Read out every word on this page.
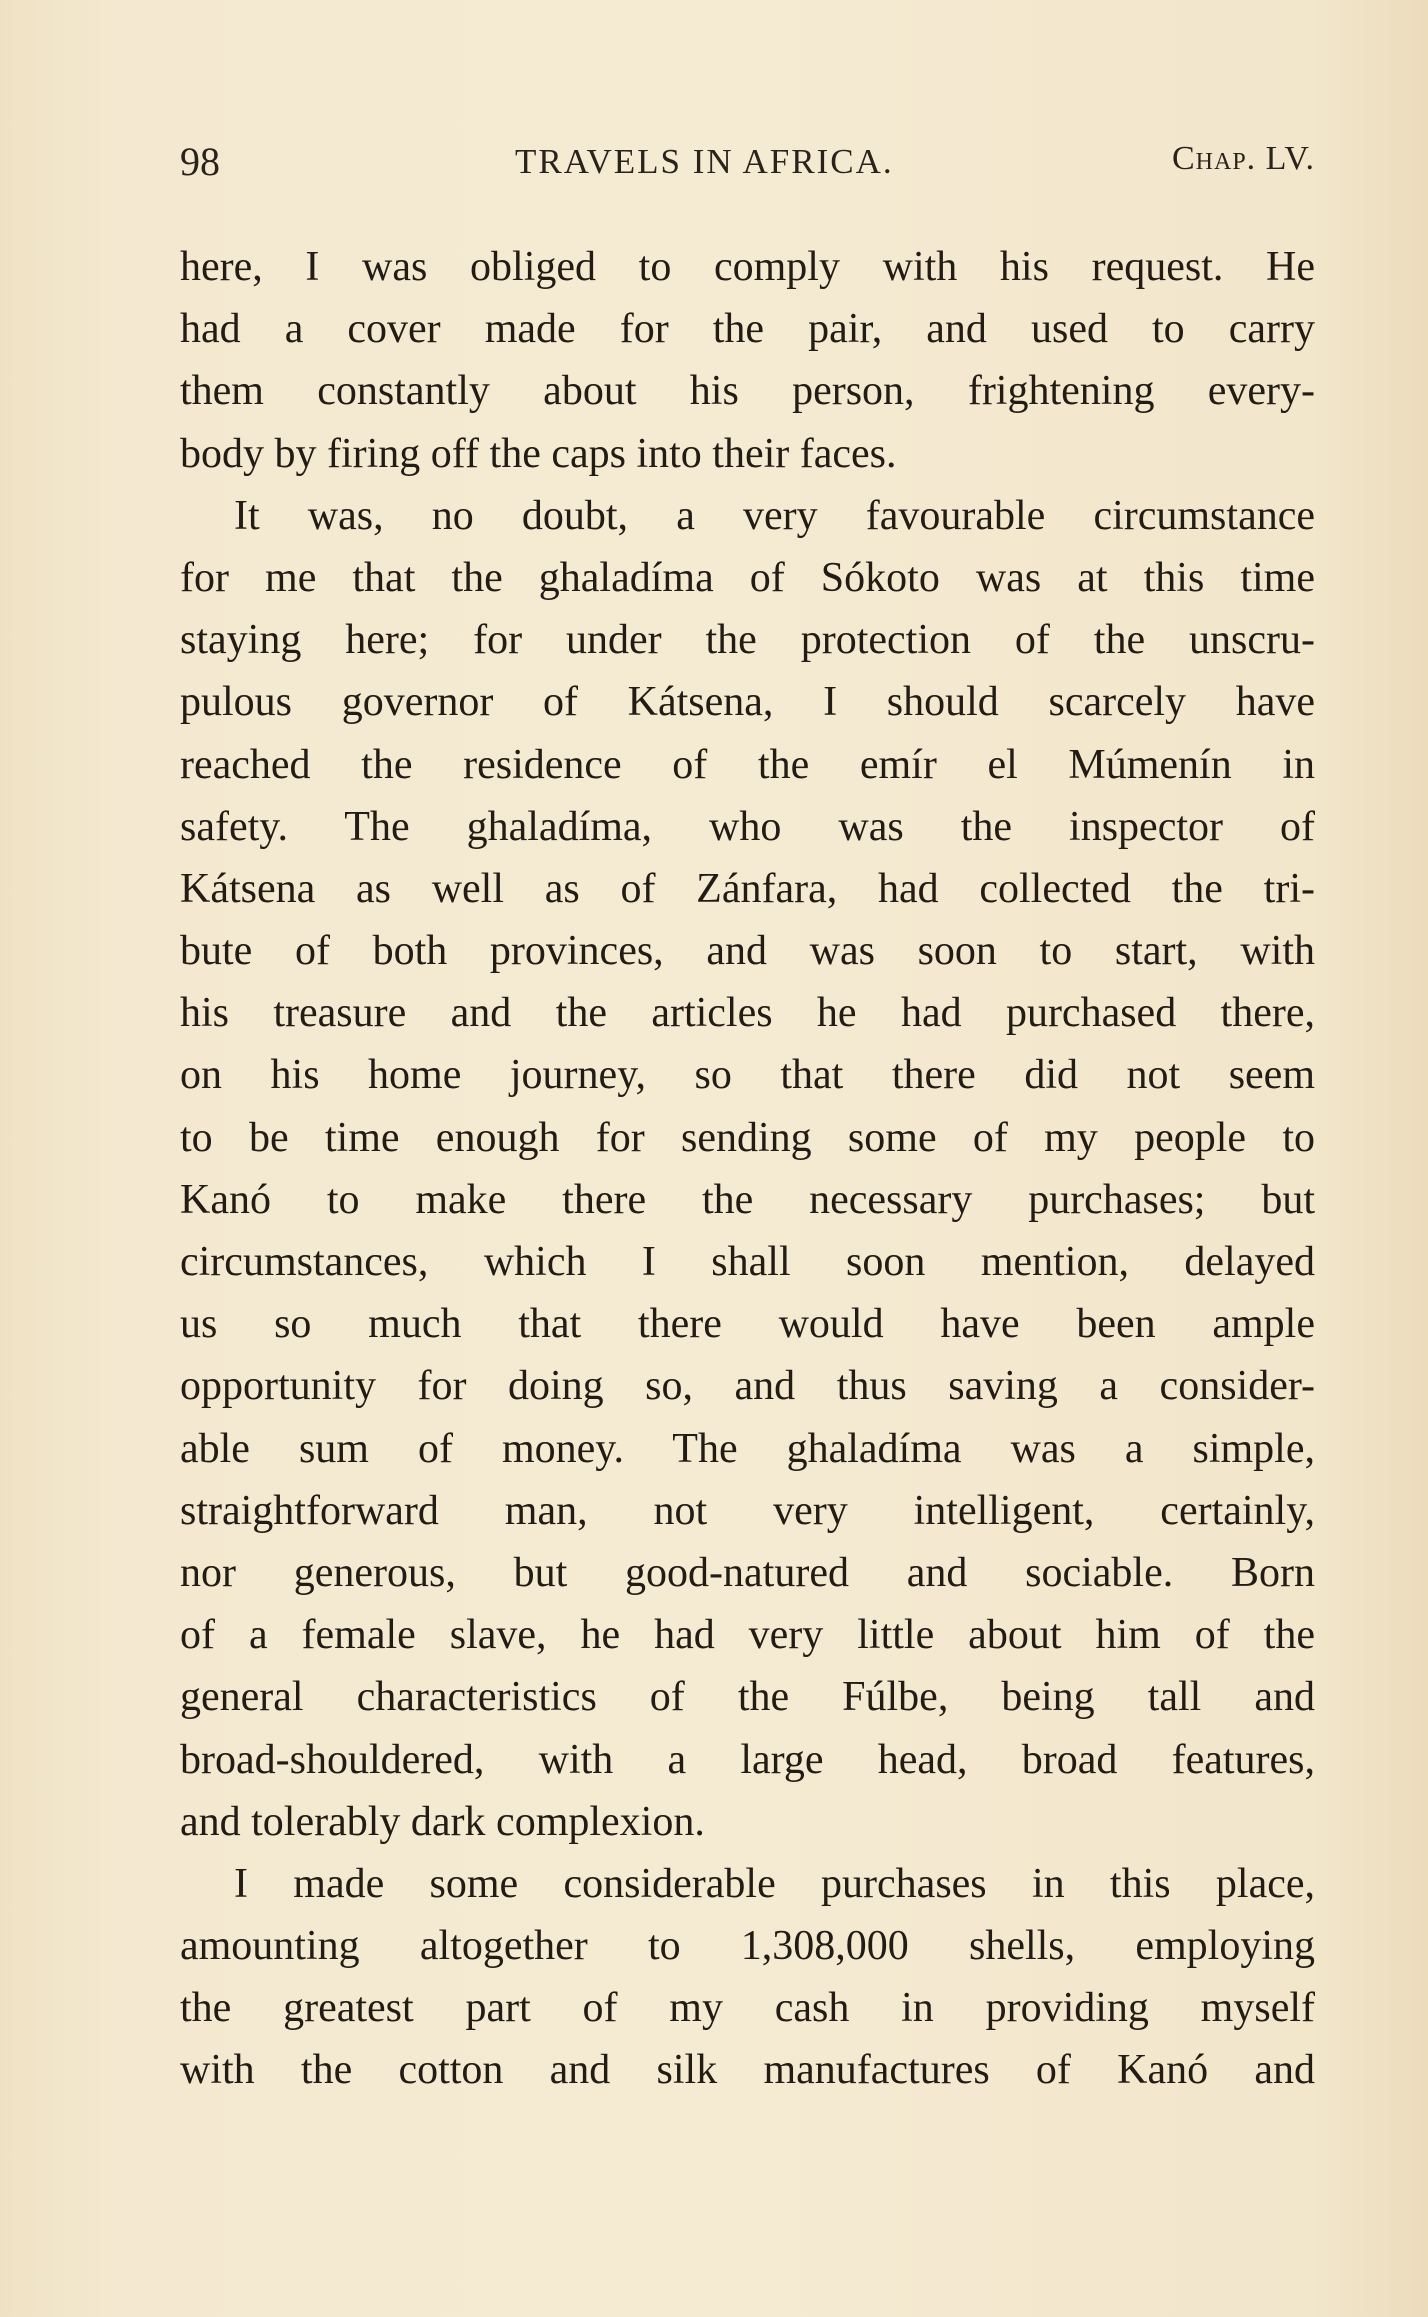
98	TRAVELS IN AFRICA.	Chap. LV.
here, I was obliged to comply with his request. He
had a cover made for the pair, and used to carry
them constantly about his person, frightening every-
body by firing off the caps into their faces.
It was, no doubt, a very favourable circumstance
for me that the ghaladíma of Sókoto was at this time
staying here; for under the protection of the unscru-
pulous governor of Kátsena, I should scarcely have
reached the residence of the emír el Múmenín in
safety. The ghaladíma, who was the inspector of
Kátsena as well as of Zánfara, had collected the tri-
bute of both provinces, and was soon to start, with
his treasure and the articles he had purchased there,
on his home journey, so that there did not seem
to be time enough for sending some of my people to
Kanó to make there the necessary purchases; but
circumstances, which I shall soon mention, delayed
us so much that there would have been ample
opportunity for doing so, and thus saving a consider-
able sum of money. The ghaladíma was a simple,
straightforward man, not very intelligent, certainly,
nor generous, but good-natured and sociable. Born
of a female slave, he had very little about him of the
general characteristics of the Fúlbe, being tall and
broad-shouldered, with a large head, broad features,
and tolerably dark complexion.
I made some considerable purchases in this place,
amounting altogether to 1,308,000 shells, employing
the greatest part of my cash in providing myself
with the cotton and silk manufactures of Kanó and
